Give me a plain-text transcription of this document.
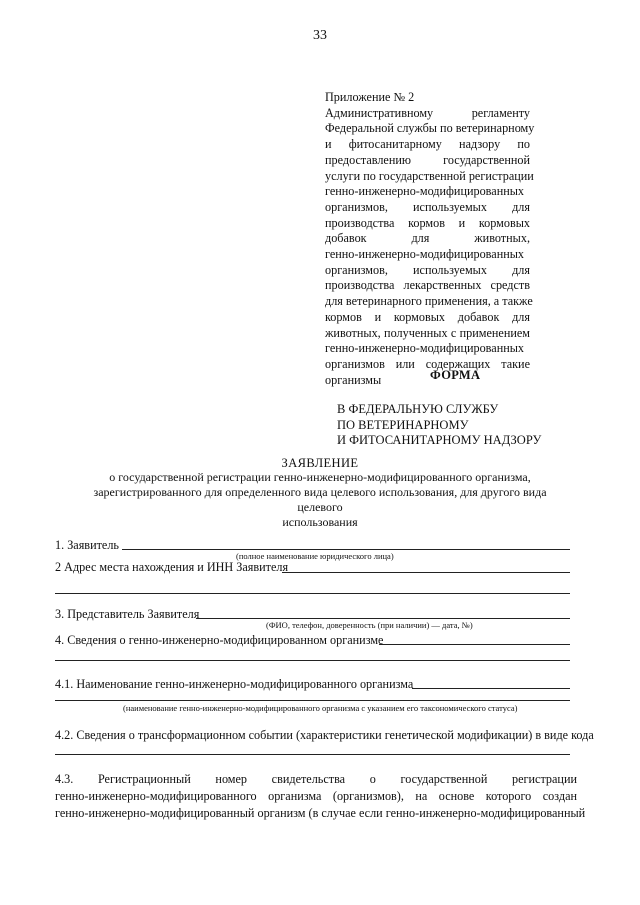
33
Приложение № 2
Административному регламенту
Федеральной службы по ветеринарному
и фитосанитарному надзору по
предоставлению государственной
услуги по государственной регистрации
генно-инженерно-модифицированных
организмов, используемых для
производства кормов и кормовых
добавок для животных,
генно-инженерно-модифицированных
организмов, используемых для
производства лекарственных средств
для ветеринарного применения, а также
кормов и кормовых добавок для
животных, полученных с применением
генно-инженерно-модифицированных
организмов или содержащих такие
организмы	ФОРМА
В ФЕДЕРАЛЬНУЮ СЛУЖБУ
ПО ВЕТЕРИНАРНОМУ
И ФИТОСАНИТАРНОМУ НАДЗОРУ
ЗАЯВЛЕНИЕ
о государственной регистрации генно-инженерно-модифицированного организма,
зарегистрированного для определенного вида целевого использования, для другого вида целевого
использования
1. Заявитель
(полное наименование юридического лица)
2 Адрес места нахождения и ИНН Заявителя
3. Представитель Заявителя
(ФИО, телефон, доверенность (при наличии) — дата, №)
4. Сведения о генно-инженерно-модифицированном организме
4.1. Наименование генно-инженерно-модифицированного организма
(наименование генно-инженерно-модифицированного организма с указанием его таксономического статуса)
4.2. Сведения о трансформационном событии (характеристики генетической модификации) в виде кода
4.3. Регистрационный номер свидетельства о государственной регистрации
генно-инженерно-модифицированного организма (организмов), на основе которого создан
генно-инженерно-модифицированный организм (в случае если генно-инженерно-модифицированный
